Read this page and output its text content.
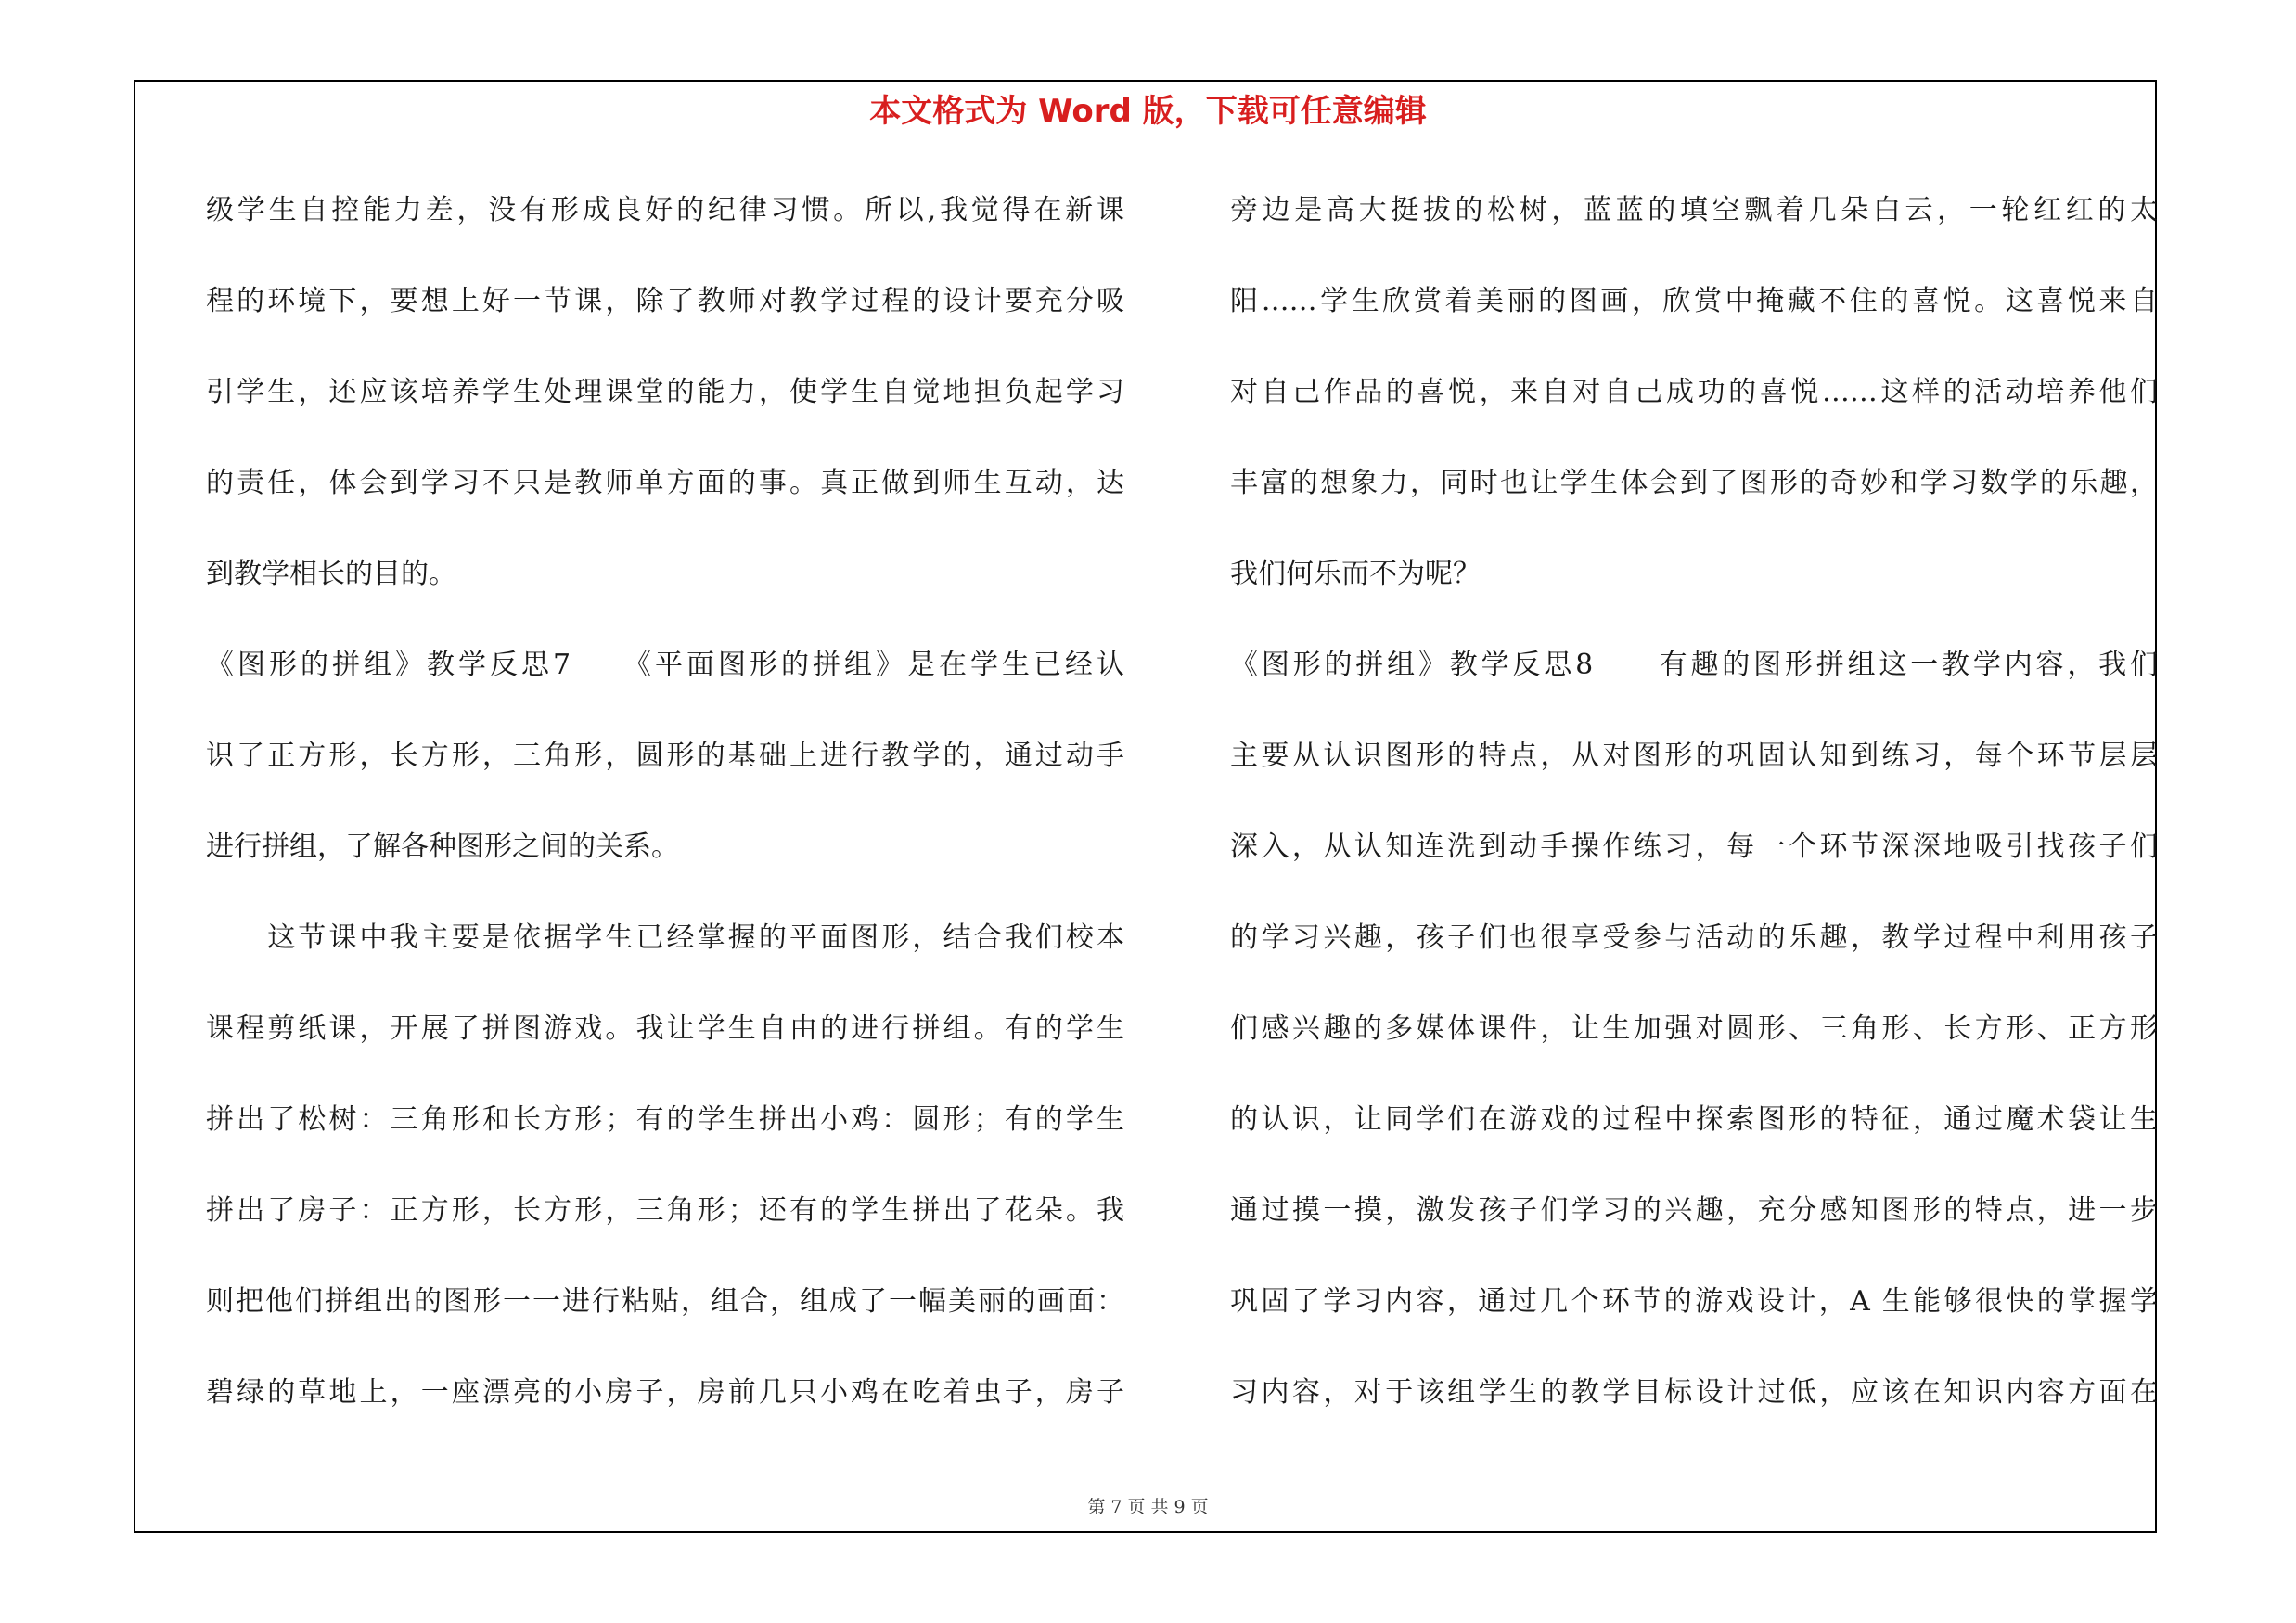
本文格式为 Word 版，下载可任意编辑
级学生自控能力差，没有形成良好的纪律习惯。所以,我觉得在新课
程的环境下，要想上好一节课，除了教师对教学过程的设计要充分吸
引学生，还应该培养学生处理课堂的能力，使学生自觉地担负起学习
的责任，体会到学习不只是教师单方面的事。真正做到师生互动，达
到教学相长的目的。
《图形的拼组》教学反思7　　《平面图形的拼组》是在学生已经认
识了正方形，长方形，三角形，圆形的基础上进行教学的，通过动手
进行拼组，了解各种图形之间的关系。
　　这节课中我主要是依据学生已经掌握的平面图形，结合我们校本
课程剪纸课，开展了拼图游戏。我让学生自由的进行拼组。有的学生
拼出了松树：三角形和长方形；有的学生拼出小鸡：圆形；有的学生
拼出了房子：正方形，长方形，三角形；还有的学生拼出了花朵。我
则把他们拼组出的图形一一进行粘贴，组合，组成了一幅美丽的画面：
碧绿的草地上，一座漂亮的小房子，房前几只小鸡在吃着虫子，房子
旁边是高大挺拔的松树，蓝蓝的填空飘着几朵白云，一轮红红的太
阳……学生欣赏着美丽的图画，欣赏中掩藏不住的喜悦。这喜悦来自
对自己作品的喜悦，来自对自己成功的喜悦……这样的活动培养他们
丰富的想象力，同时也让学生体会到了图形的奇妙和学习数学的乐趣，
我们何乐而不为呢？
《图形的拼组》教学反思8　　有趣的图形拼组这一教学内容，我们
主要从认识图形的特点，从对图形的巩固认知到练习，每个环节层层
深入，从认知连洗到动手操作练习，每一个环节深深地吸引找孩子们
的学习兴趣，孩子们也很享受参与活动的乐趣，教学过程中利用孩子
们感兴趣的多媒体课件，让生加强对圆形、三角形、长方形、正方形
的认识，让同学们在游戏的过程中探索图形的特征，通过魔术袋让生
通过摸一摸，激发孩子们学习的兴趣，充分感知图形的特点，进一步
巩固了学习内容，通过几个环节的游戏设计，A 生能够很快的掌握学
习内容，对于该组学生的教学目标设计过低，应该在知识内容方面在
第 7 页 共 9 页
